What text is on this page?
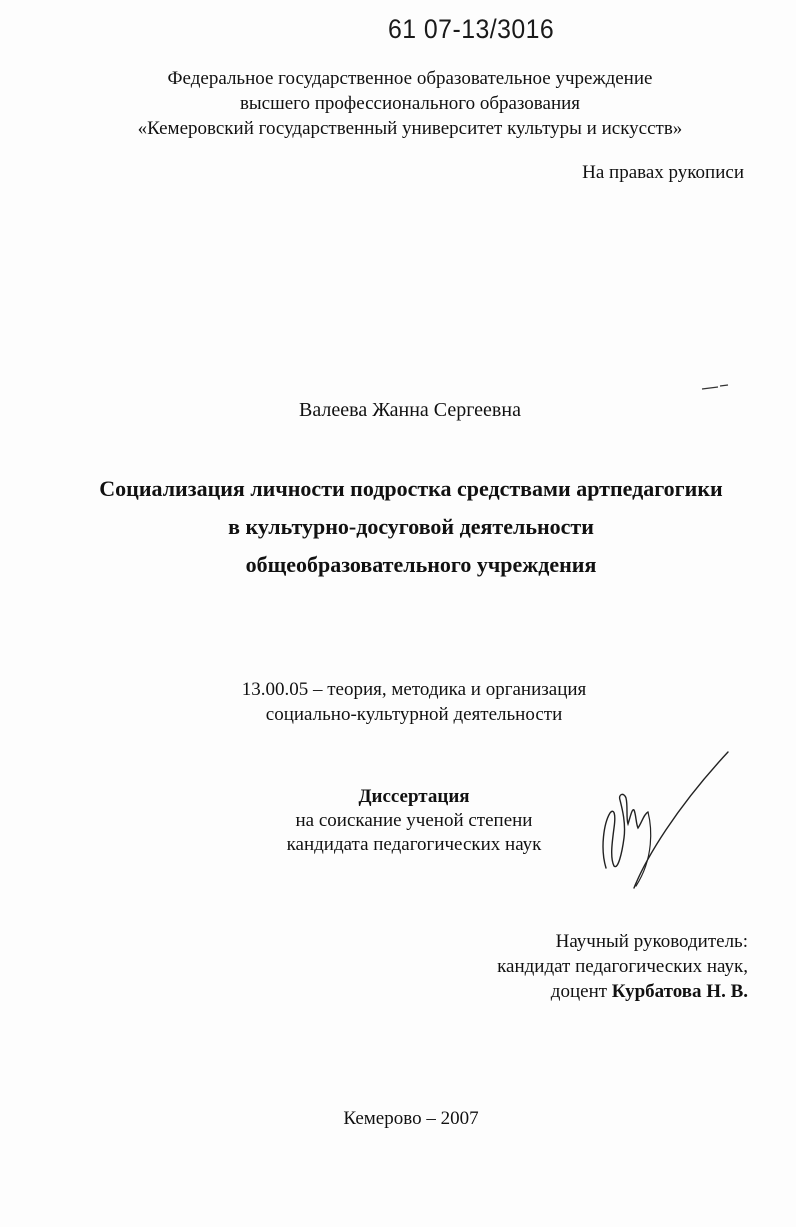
61 07-13/3016
Федеральное государственное образовательное учреждение
высшего профессионального образования
«Кемеровский государственный университет культуры и искусств»
На правах рукописи
Валеева Жанна Сергеевна
Социализация личности подростка средствами артпедагогики
в культурно-досуговой деятельности
общеобразовательного учреждения
13.00.05 – теория, методика и организация
социально-культурной деятельности
Диссертация
на соискание ученой степени
кандидата педагогических наук
Научный руководитель:
кандидат педагогических наук,
доцент Курбатова Н. В.
Кемерово – 2007
